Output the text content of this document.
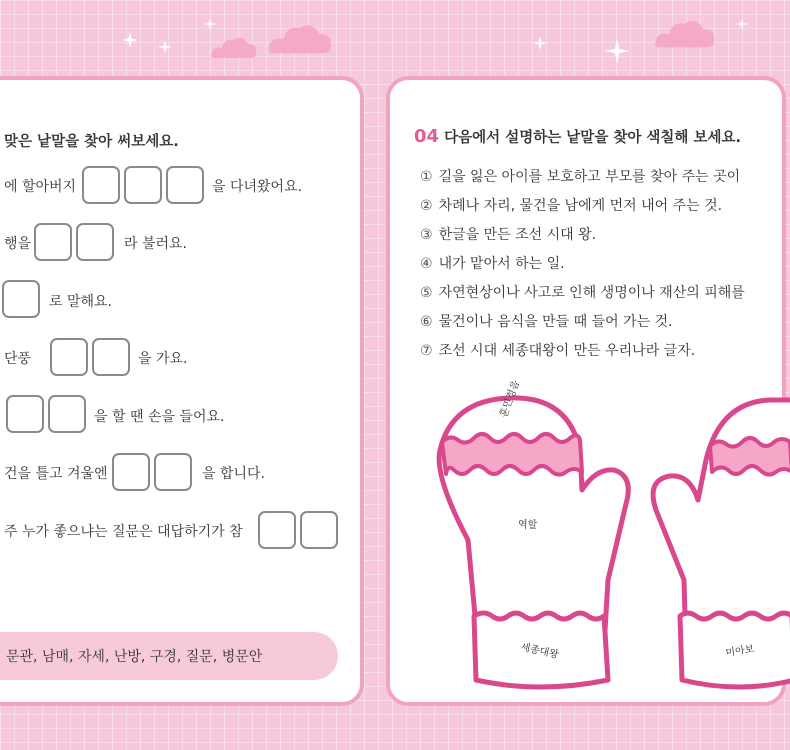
맞은 낱말을 찾아 써보세요.
에 할아버지	을 다녀왔어요.
행을	라 불러요.
로 말해요.
단풍	을 가요.
을 할 땐 손을 들어요.
건을 틀고 겨울엔	을 합니다.
주 누가 좋으냐는 질문은 대답하기가 참
문관, 남매, 자세, 난방, 구경, 질문, 병문안
04 다음에서 설명하는 낱말을 찾아 색칠해 보세요.
① 길을 잃은 아이를 보호하고 부모를 찾아 주는 곳이
② 차례나 자리, 물건을 남에게 먼저 내어 주는 것.
③ 한글을 만든 조선 시대 왕.
④ 내가 맡아서 하는 일.
⑤ 자연현상이나 사고로 인해 생명이나 재산의 피해를
⑥ 물건이나 음식을 만들 때 들어 가는 것.
⑦ 조선 시대 세종대왕이 만든 우리나라 글자.
훈민정음
역할
세종대왕	미아보
